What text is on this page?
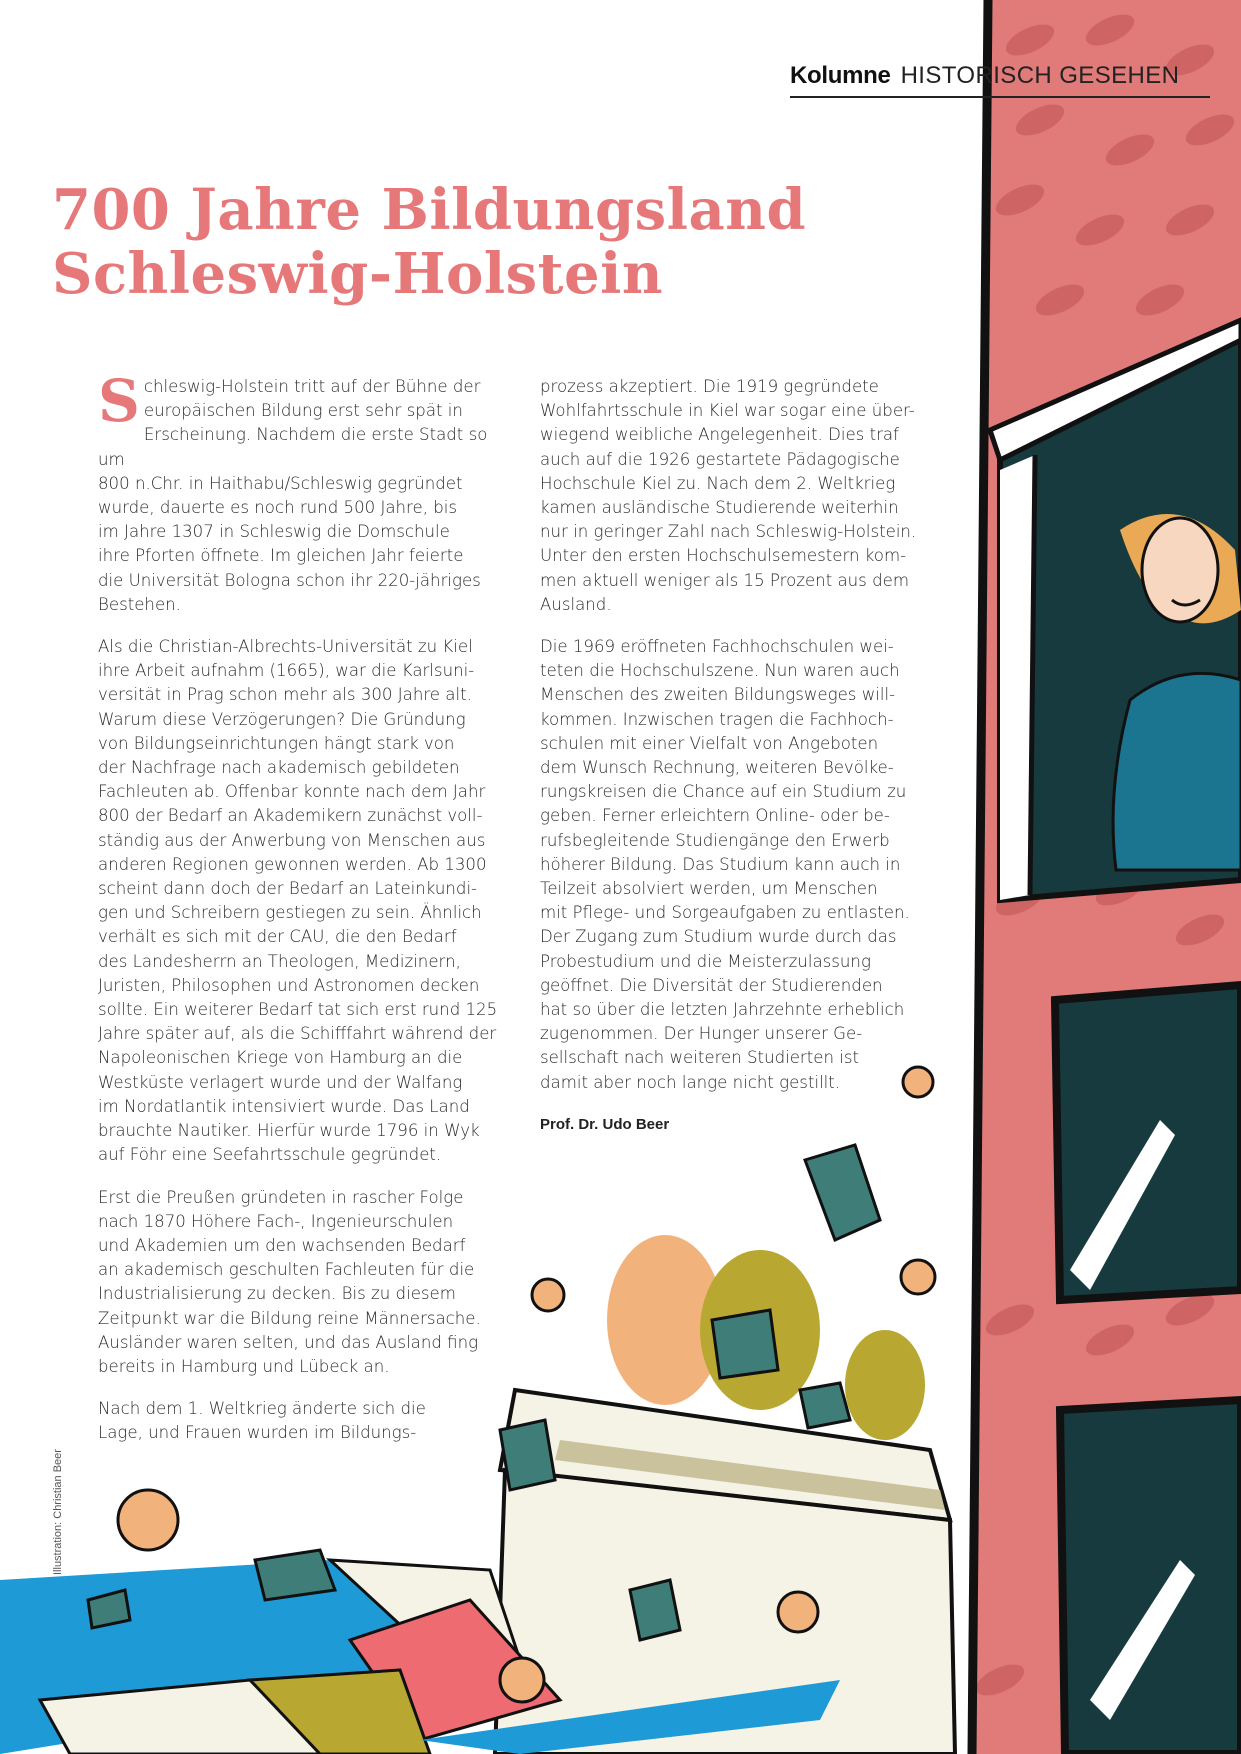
Kolumne HISTORISCH GESEHEN
700 Jahre Bildungsland
Schleswig-Holstein

Schleswig-Holstein tritt auf der Bühne der
europäischen Bildung erst sehr spät in
Erscheinung. Nachdem die erste Stadt so um
800 n.Chr. in Haithabu/Schleswig gegründet
wurde, dauerte es noch rund 500 Jahre, bis
im Jahre 1307 in Schleswig die Domschule
ihre Pforten öffnete. Im gleichen Jahr feierte
die Universität Bologna schon ihr 220-jähriges
Bestehen.

Als die Christian-Albrechts-Universität zu Kiel
ihre Arbeit aufnahm (1665), war die Karlsuni-
versität in Prag schon mehr als 300 Jahre alt.
Warum diese Verzögerungen? Die Gründung
von Bildungseinrichtungen hängt stark von
der Nachfrage nach akademisch gebildeten
Fachleuten ab. Offenbar konnte nach dem Jahr
800 der Bedarf an Akademikern zunächst voll-
ständig aus der Anwerbung von Menschen aus
anderen Regionen gewonnen werden. Ab 1300
scheint dann doch der Bedarf an Lateinkundi-
gen und Schreibern gestiegen zu sein. Ähnlich
verhält es sich mit der CAU, die den Bedarf
des Landesherrn an Theologen, Medizinern,
Juristen, Philosophen und Astronomen decken
sollte. Ein weiterer Bedarf tat sich erst rund 125
Jahre später auf, als die Schifffahrt während der
Napoleonischen Kriege von Hamburg an die
Westküste verlagert wurde und der Walfang
im Nordatlantik intensiviert wurde. Das Land
brauchte Nautiker. Hierfür wurde 1796 in Wyk
auf Föhr eine Seefahrtsschule gegründet.

Erst die Preußen gründeten in rascher Folge
nach 1870 Höhere Fach-, Ingenieurschulen
und Akademien um den wachsenden Bedarf
an akademisch geschulten Fachleuten für die
Industrialisierung zu decken. Bis zu diesem
Zeitpunkt war die Bildung reine Männersache.
Ausländer waren selten, und das Ausland fing
bereits in Hamburg und Lübeck an.

Nach dem 1. Weltkrieg änderte sich die
Lage, und Frauen wurden im Bildungs-

prozess akzeptiert. Die 1919 gegründete
Wohlfahrtsschule in Kiel war sogar eine über-
wiegend weibliche Angelegenheit. Dies traf
auch auf die 1926 gestartete Pädagogische
Hochschule Kiel zu. Nach dem 2. Weltkrieg
kamen ausländische Studierende weiterhin
nur in geringer Zahl nach Schleswig-Holstein.
Unter den ersten Hochschulsemestern kom-
men aktuell weniger als 15 Prozent aus dem
Ausland.

Die 1969 eröffneten Fachhochschulen wei-
teten die Hochschulszene. Nun waren auch
Menschen des zweiten Bildungsweges will-
kommen. Inzwischen tragen die Fachhoch-
schulen mit einer Vielfalt von Angeboten
dem Wunsch Rechnung, weiteren Bevölke-
rungskreisen die Chance auf ein Studium zu
geben. Ferner erleichtern Online- oder be-
rufsbegleitende Studiengänge den Erwerb
höherer Bildung. Das Studium kann auch in
Teilzeit absolviert werden, um Menschen
mit Pflege- und Sorgeaufgaben zu entlasten.
Der Zugang zum Studium wurde durch das
Probestudium und die Meisterzulassung
geöffnet. Die Diversität der Studierenden
hat so über die letzten Jahrzehnte erheblich
zugenommen. Der Hunger unserer Ge-
sellschaft nach weiteren Studierten ist
damit aber noch lange nicht gestillt.

Prof. Dr. Udo Beer
Illustration: Christian Beer
